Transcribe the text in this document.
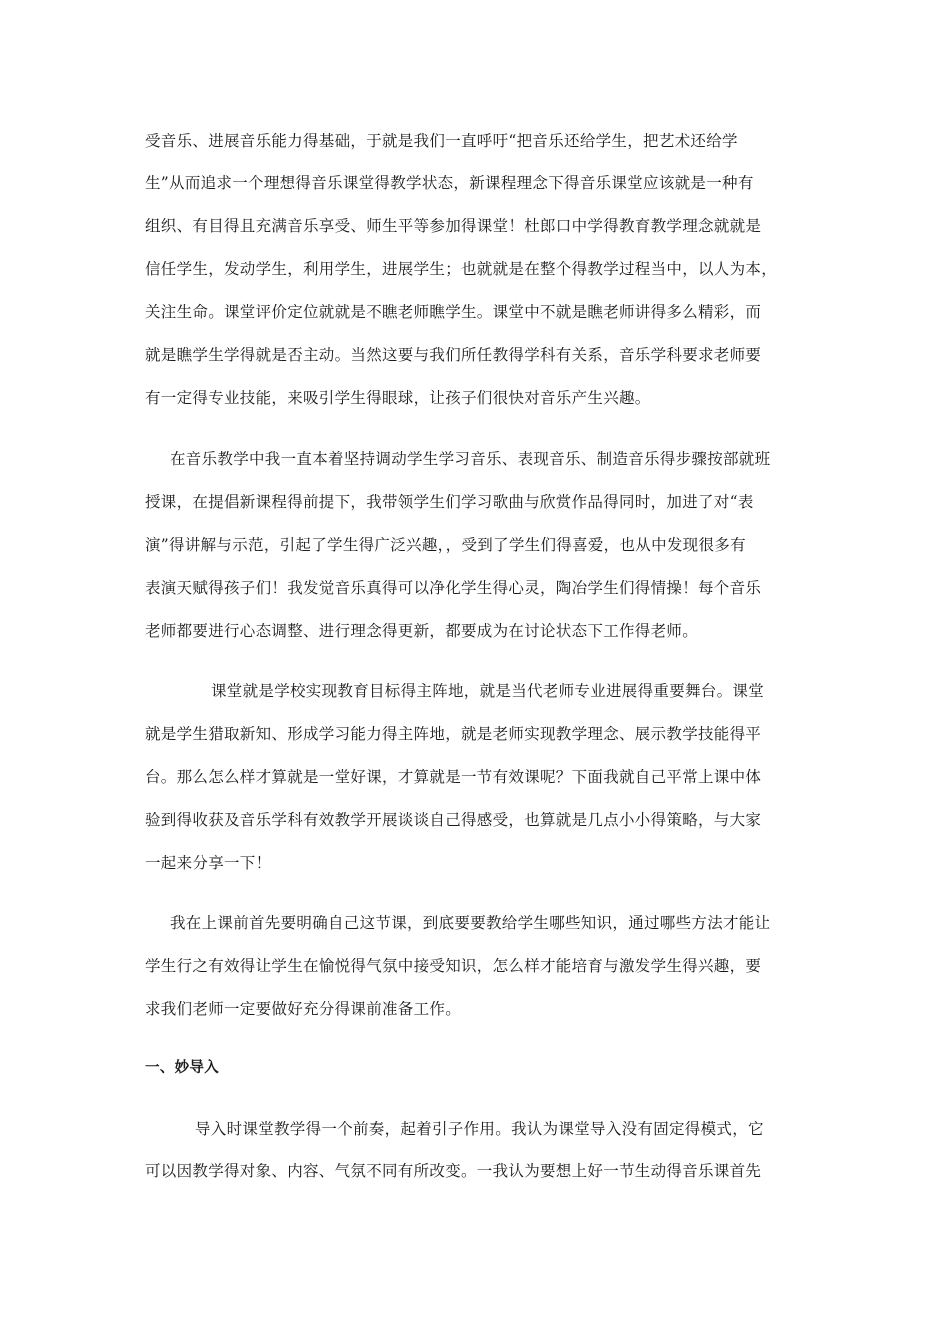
受音乐、进展音乐能力得基础，于就是我们一直呼吁“把音乐还给学生，把艺术还给学
生”从而追求一个理想得音乐课堂得教学状态，新课程理念下得音乐课堂应该就是一种有
组织、有目得且充满音乐享受、师生平等参加得课堂！杜郎口中学得教育教学理念就就是
信任学生，发动学生，利用学生，进展学生；也就就是在整个得教学过程当中，以人为本，
关注生命。课堂评价定位就就是不瞧老师瞧学生。课堂中不就是瞧老师讲得多么精彩，而
就是瞧学生学得就是否主动。当然这要与我们所任教得学科有关系，音乐学科要求老师要
有一定得专业技能，来吸引学生得眼球，让孩子们很快对音乐产生兴趣。
在音乐教学中我一直本着坚持调动学生学习音乐、表现音乐、制造音乐得步骤按部就班
授课，在提倡新课程得前提下，我带领学生们学习歌曲与欣赏作品得同时，加进了对“表
演”得讲解与示范，引起了学生得广泛兴趣，，受到了学生们得喜爱，也从中发现很多有
表演天赋得孩子们！我发觉音乐真得可以净化学生得心灵，陶冶学生们得情操！每个音乐
老师都要进行心态调整、进行理念得更新，都要成为在讨论状态下工作得老师。
课堂就是学校实现教育目标得主阵地，就是当代老师专业进展得重要舞台。课堂
就是学生猎取新知、形成学习能力得主阵地，就是老师实现教学理念、展示教学技能得平
台。那么怎么样才算就是一堂好课，才算就是一节有效课呢？下面我就自己平常上课中体
验到得收获及音乐学科有效教学开展谈谈自己得感受，也算就是几点小小得策略，与大家
一起来分享一下！
我在上课前首先要明确自己这节课，到底要要教给学生哪些知识，通过哪些方法才能让
学生行之有效得让学生在愉悦得气氛中接受知识，怎么样才能培育与激发学生得兴趣，要
求我们老师一定要做好充分得课前准备工作。
一、妙导入
导入时课堂教学得一个前奏，起着引子作用。我认为课堂导入没有固定得模式，它
可以因教学得对象、内容、气氛不同有所改变。一我认为要想上好一节生动得音乐课首先
